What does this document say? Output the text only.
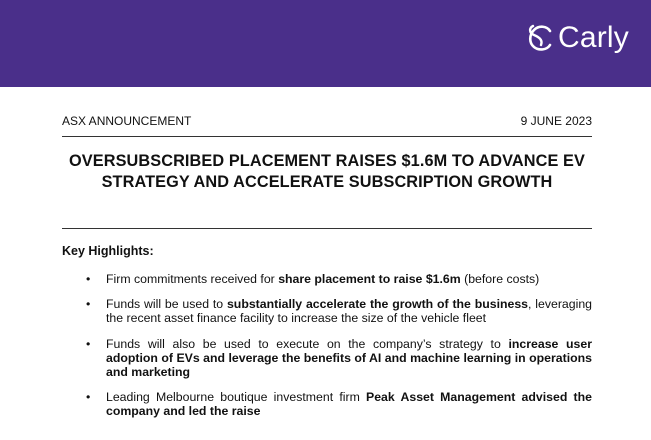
Carly
ASX ANNOUNCEMENT	9 JUNE 2023
OVERSUBSCRIBED PLACEMENT RAISES $1.6M TO ADVANCE EV STRATEGY AND ACCELERATE SUBSCRIPTION GROWTH
Key Highlights:
• Firm commitments received for share placement to raise $1.6m (before costs)
• Funds will be used to substantially accelerate the growth of the business, leveraging the recent asset finance facility to increase the size of the vehicle fleet
• Funds will also be used to execute on the company’s strategy to increase user adoption of EVs and leverage the benefits of AI and machine learning in operations and marketing
• Leading Melbourne boutique investment firm Peak Asset Management advised the company and led the raise
